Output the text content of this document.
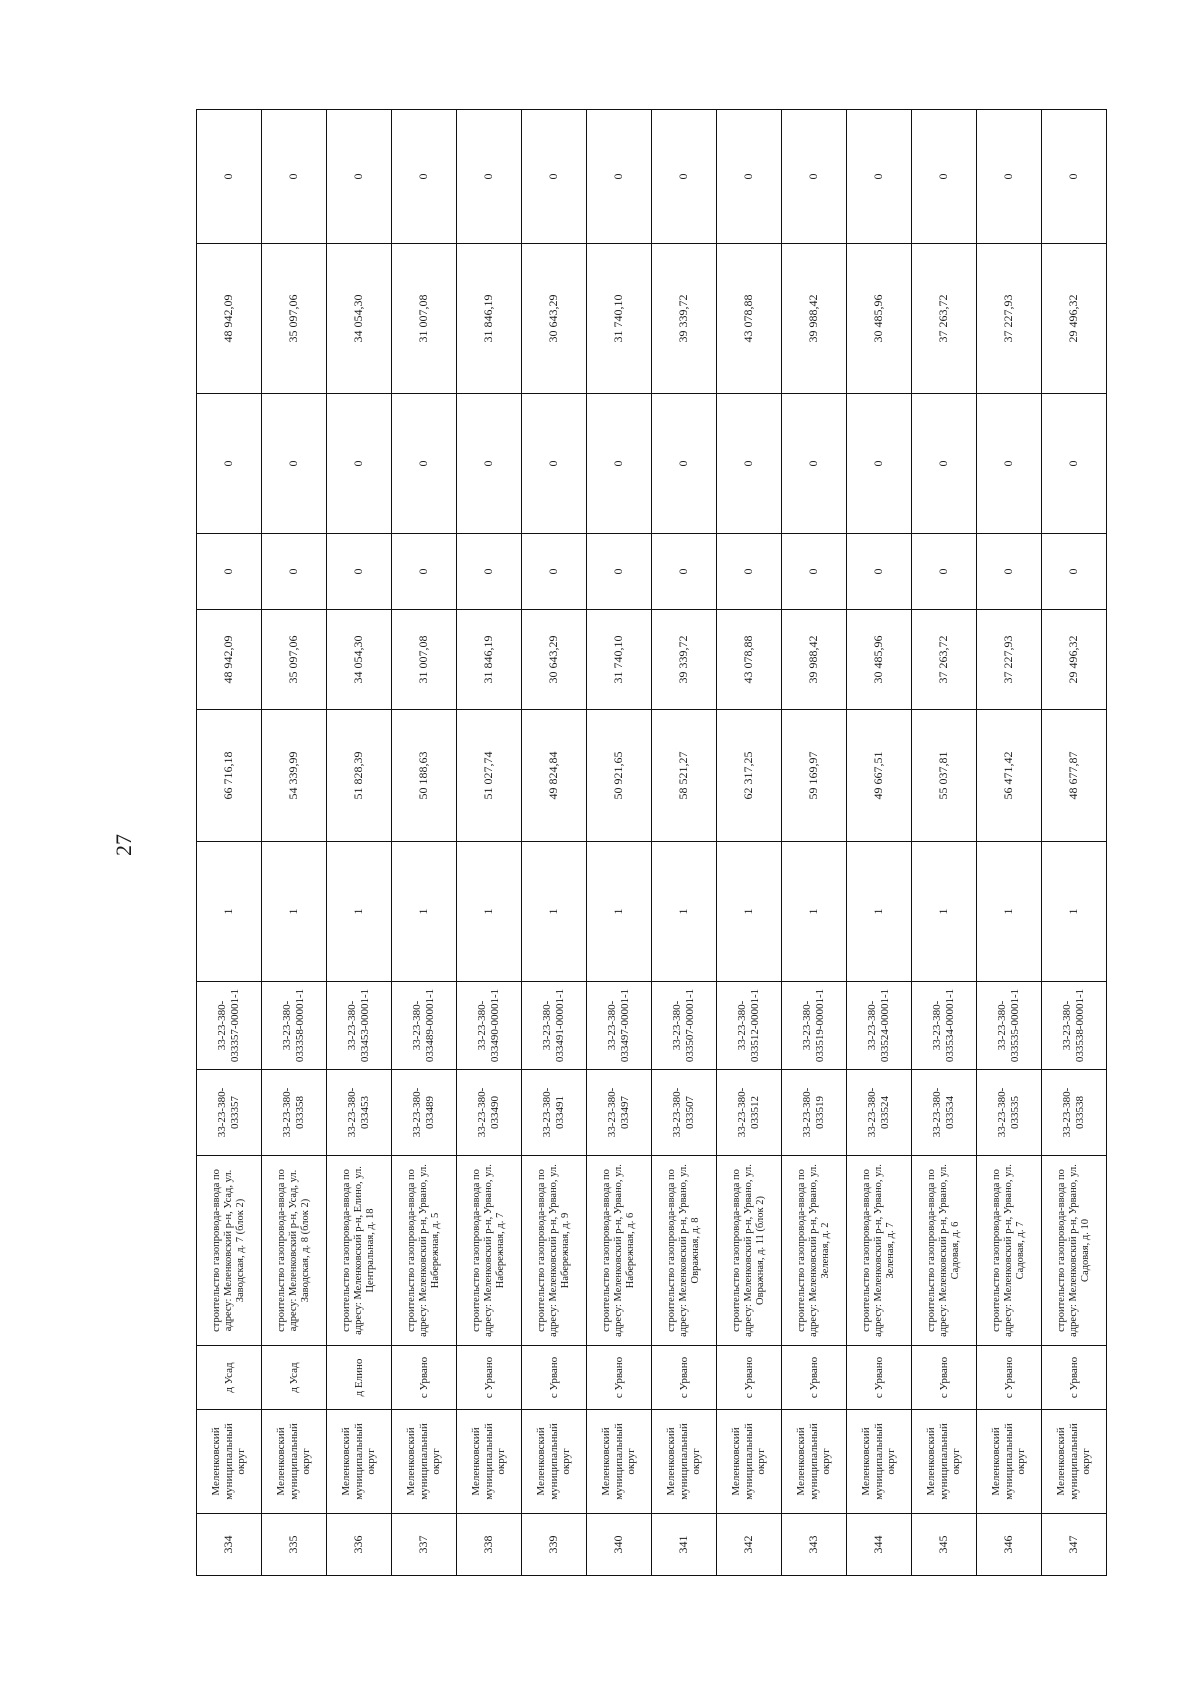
27
334	Меленковский муниципальный округ	д Усад	строительство газопровода-ввода по адресу: Меленковский р-н, Усад, ул. Заводская, д. 7 (блок 2)	33-23-380-033357	33-23-380-033357-00001-1	1	66 716,18	48 942,09	0	0	48 942,09	0
335	Меленковский муниципальный округ	д Усад	строительство газопровода-ввода по адресу: Меленковский р-н, Усад, ул. Заводская, д. 8 (блок 2)	33-23-380-033358	33-23-380-033358-00001-1	1	54 339,99	35 097,06	0	0	35 097,06	0
336	Меленковский муниципальный округ	д Елино	строительство газопровода-ввода по адресу: Меленковский р-н, Елино, ул. Центральная, д. 18	33-23-380-033453	33-23-380-033453-00001-1	1	51 828,39	34 054,30	0	0	34 054,30	0
337	Меленковский муниципальный округ	с Урвано	строительство газопровода-ввода по адресу: Меленковский р-н, Урвано, ул. Набережная, д. 5	33-23-380-033489	33-23-380-033489-00001-1	1	50 188,63	31 007,08	0	0	31 007,08	0
338	Меленковский муниципальный округ	с Урвано	строительство газопровода-ввода по адресу: Меленковский р-н, Урвано, ул. Набережная, д. 7	33-23-380-033490	33-23-380-033490-00001-1	1	51 027,74	31 846,19	0	0	31 846,19	0
339	Меленковский муниципальный округ	с Урвано	строительство газопровода-ввода по адресу: Меленковский р-н, Урвано, ул. Набережная, д. 9	33-23-380-033491	33-23-380-033491-00001-1	1	49 824,84	30 643,29	0	0	30 643,29	0
340	Меленковский муниципальный округ	с Урвано	строительство газопровода-ввода по адресу: Меленковский р-н, Урвано, ул. Набережная, д. 6	33-23-380-033497	33-23-380-033497-00001-1	1	50 921,65	31 740,10	0	0	31 740,10	0
341	Меленковский муниципальный округ	с Урвано	строительство газопровода-ввода по адресу: Меленковский р-н, Урвано, ул. Овражная, д. 8	33-23-380-033507	33-23-380-033507-00001-1	1	58 521,27	39 339,72	0	0	39 339,72	0
342	Меленковский муниципальный округ	с Урвано	строительство газопровода-ввода по адресу: Меленковский р-н, Урвано, ул. Овражная, д. 11 (блок 2)	33-23-380-033512	33-23-380-033512-00001-1	1	62 317,25	43 078,88	0	0	43 078,88	0
343	Меленковский муниципальный округ	с Урвано	строительство газопровода-ввода по адресу: Меленковский р-н, Урвано, ул. Зеленая, д. 2	33-23-380-033519	33-23-380-033519-00001-1	1	59 169,97	39 988,42	0	0	39 988,42	0
344	Меленковский муниципальный округ	с Урвано	строительство газопровода-ввода по адресу: Меленковский р-н, Урвано, ул. Зеленая, д. 7	33-23-380-033524	33-23-380-033524-00001-1	1	49 667,51	30 485,96	0	0	30 485,96	0
345	Меленковский муниципальный округ	с Урвано	строительство газопровода-ввода по адресу: Меленковский р-н, Урвано, ул. Садовая, д. 6	33-23-380-033534	33-23-380-033534-00001-1	1	55 037,81	37 263,72	0	0	37 263,72	0
346	Меленковский муниципальный округ	с Урвано	строительство газопровода-ввода по адресу: Меленковский р-н, Урвано, ул. Садовая, д. 7	33-23-380-033535	33-23-380-033535-00001-1	1	56 471,42	37 227,93	0	0	37 227,93	0
347	Меленковский муниципальный округ	с Урвано	строительство газопровода-ввода по адресу: Меленковский р-н, Урвано, ул. Садовая, д. 10	33-23-380-033538	33-23-380-033538-00001-1	1	48 677,87	29 496,32	0	0	29 496,32	0
